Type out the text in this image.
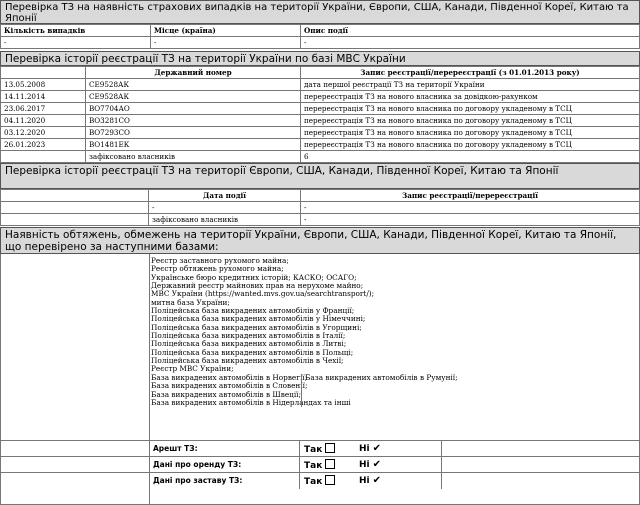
Перевірка ТЗ на наявність страхових випадків на території України, Європи, США, Канади, Південної Кореї, Китаю та Японії
Кількість випадків	Місце (країна)	Опис події
-	-	-
Перевірка історії реєстрації ТЗ на території України по базі МВС України
	Державний номер	Запис реєстрації/перереєстрації (з 01.01.2013 року)
13.05.2008	СЕ9528АК	дата першої реєстрації ТЗ на території України
14.11.2014	СЕ9528АК	перереєстрація ТЗ на нового власника за довідкою-рахунком
23.06.2017	ВО7704АО	перереєстрація ТЗ на нового власника по договору укладеному в ТСЦ
04.11.2020	ВО3281СО	перереєстрація ТЗ на нового власника по договору укладеному в ТСЦ
03.12.2020	ВО7293СО	перереєстрація ТЗ на нового власника по договору укладеному в ТСЦ
26.01.2023	ВО1481ЕК	перереєстрація ТЗ на нового власника по договору укладеному в ТСЦ
	зафіксовано власників	6
Перевірка історії реєстрації ТЗ на території Європи, США, Канади, Південної Кореї, Китаю та Японії
	Дата події	Запис реєстрації/перереєстрації
	-	-
	зафіксовано власників	-
Наявність обтяжень, обмежень на території України, Європи, США, Канади, Південної Кореї, Китаю та Японії, що перевірено за наступними базами:
Реєстр заставного рухомого майна;
Реєстр обтяжень рухомого майна;
Українське бюро кредитних історій; КАСКО; ОСАГО;
Державний реєстр майнових прав на нерухоме майно;
МВС України (https://wanted.mvs.gov.ua/searchtransport/);
митна база України;
Поліцейська база викрадених автомобілів у Франції;
Поліцейська база викрадених автомобілів у Німеччині;
Поліцейська база викрадених автомобілів в Угорщині;
Поліцейська база викрадених автомобілів в Італії;
Поліцейська база викрадених автомобілів в Литві;
Поліцейська база викрадених автомобілів в Польщі;
Поліцейська база викрадених автомобілів в Чехії;
Реєстр МВС України;
База викрадених автомобілів в Норвегії;
База викрадених автомобілів в Румунії;
База викрадених автомобілів в Словенії;
База викрадених автомобілів в Швеції;
База викрадених автомобілів в Нідерландах та інші
Арешт ТЗ:	Так	Ні ✔
Дані про оренду ТЗ:	Так	Ні ✔
Дані про заставу ТЗ:	Так	Ні ✔
